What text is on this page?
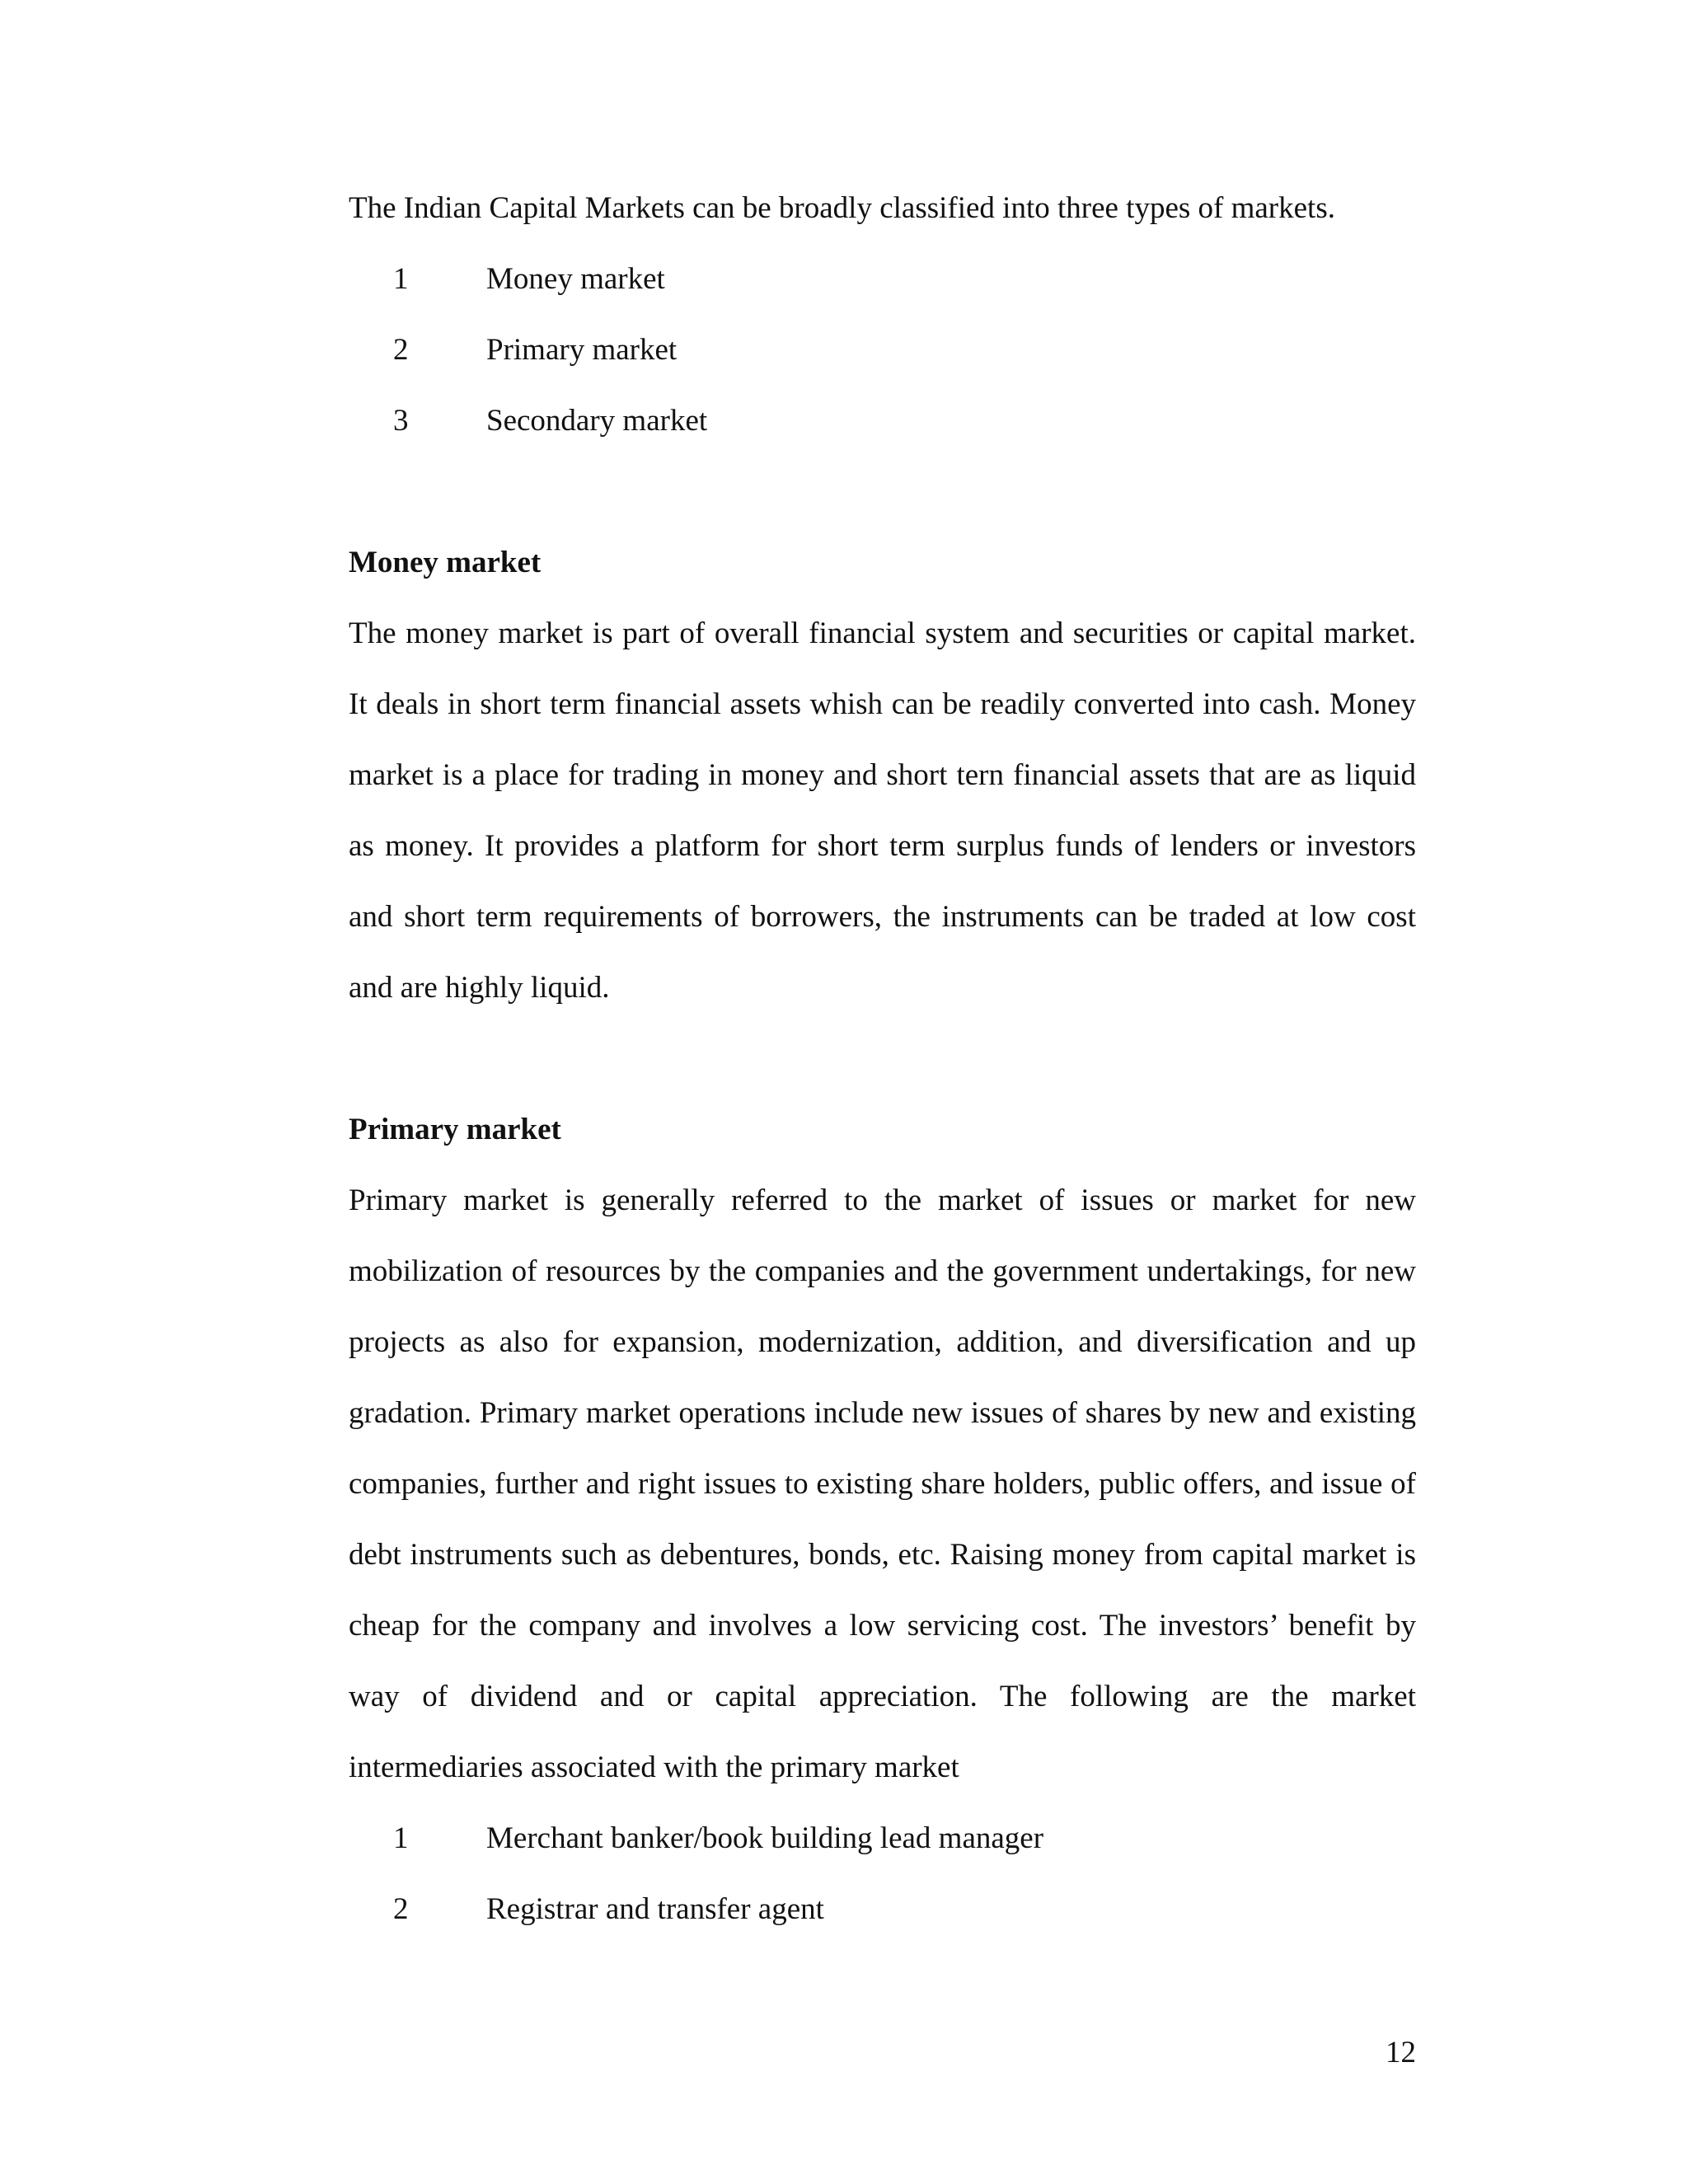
The Indian Capital Markets can be broadly classified into three types of markets.

1	Money market
2	Primary market
3	Secondary market
Money market

The money market is part of overall financial system and securities or capital market. It deals in short term financial assets whish can be readily converted into cash. Money market is a place for trading in money and short tern financial assets that are as liquid as money. It provides a platform for short term surplus funds of lenders or investors and short term requirements of borrowers, the instruments can be traded at low cost and are highly liquid.

Primary market

Primary market is generally referred to the market of issues or market for new mobilization of resources by the companies and the government undertakings, for new projects as also for expansion, modernization, addition, and diversification and up gradation. Primary market operations include new issues of shares by new and existing companies, further and right issues to existing share holders, public offers, and issue of debt instruments such as debentures, bonds, etc. Raising money from capital market is cheap for the company and involves a low servicing cost. The investors’ benefit by way of dividend and or capital appreciation. The following are the market intermediaries associated with the primary market

1	Merchant banker/book building lead manager
2	Registrar and transfer agent
12
